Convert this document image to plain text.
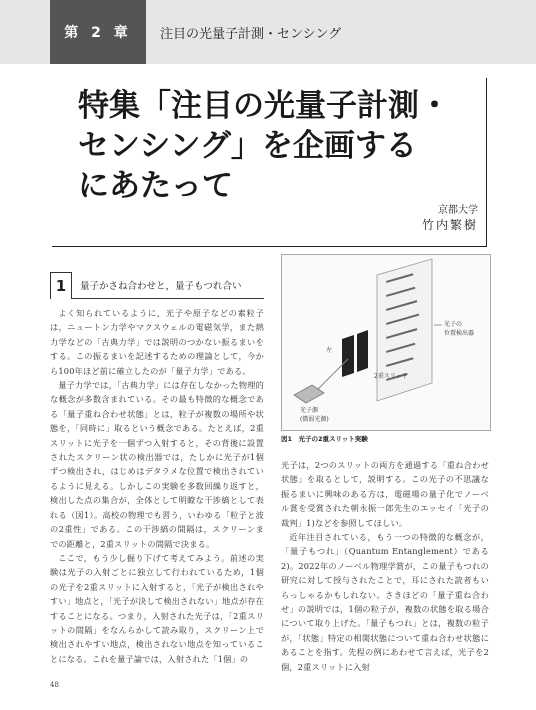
第 2 章	注目の光量子計測・センシング
特集「注目の光量子計測・
センシング」を企画する
にあたって
京都大学
竹内繁樹
1	量子かさね合わせと，量子もつれ合い

よく知られているように，光子や原子などの素粒子は，ニュートン力学やマクスウェルの電磁気学，また熱力学などの「古典力学」では説明のつかない振るまいをする。この振るまいを記述するための理論として，今から100年ほど前に確立したのが「量子力学」である。

量子力学では，「古典力学」には存在しなかった物理的な概念が多数含まれている。その最も特徴的な概念である「量子重ね合わせ状態」とは，粒子が複数の場所や状態を，「同時に」取るという概念である。たとえば，2重スリットに光子を一個ずつ入射すると，その背後に設置されたスクリーン状の検出器では，たしかに光子が1個ずつ検出され，はじめはデタラメな位置で検出されているように見える。しかしこの実験を多数回繰り返すと，検出した点の集合が，全体として明瞭な干渉縞として表れる（図1）。高校の物理でも習う，いわゆる「粒子と波の2重性」である。この干渉縞の間隔は，スクリーンまでの距離と，2重スリットの間隔で決まる。

ここで，もう少し掘り下げて考えてみよう。前述の実験は光子の入射ごとに独立して行われているため，1個の光子を2重スリットに入射すると，「光子が検出されやすい」地点と，「光子が決して検出されない」地点が存在することになる。つまり，入射された光子は，「2重スリットの間隔」をなんらかして読み取り，スクリーン上で検出されやすい地点，検出されない地点を知っていることになる。これを量子論では，入射された「1個」の

光子の
位置検出器
左
右
2重スリット
光子源
(微弱光源)
図1　光子の2重スリット実験

光子は，2つのスリットの両方を通過する「重ね合わせ状態」を取るとして，説明する。この光子の不思議な振るまいに興味のある方は，電磁場の量子化でノーベル賞を受賞された朝永振一郎先生のエッセイ「光子の裁判」1)などを参照してほしい。

近年注目されている，もう一つの特徴的な概念が，「量子もつれ」（Quantum Entanglement）である2)。2022年のノーベル物理学賞が，この量子もつれの研究に対して授与されたことで，耳にされた読者もいらっしゃるかもしれない。さきほどの「量子重ね合わせ」の説明では，1個の粒子が，複数の状態を取る場合について取り上げた。「量子もつれ」とは，複数の粒子が，「状態」特定の相関状態について重ね合わせ状態にあることを指す。先程の例にあわせて言えば，光子を2個，2重スリットに入射

48
